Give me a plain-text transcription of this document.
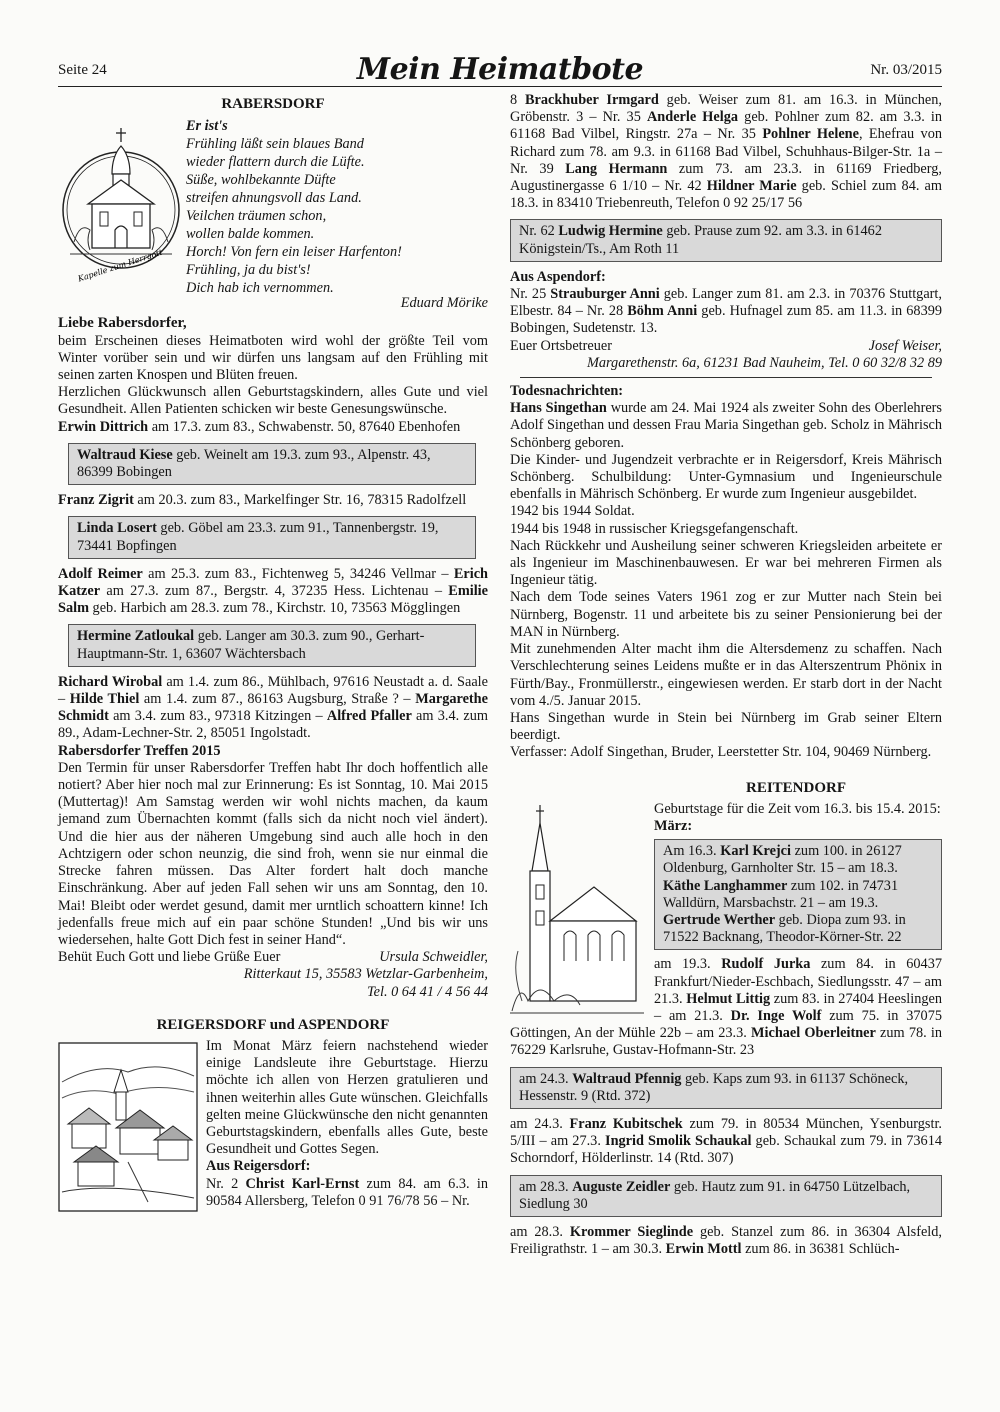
Seite 24	Mein Heimatbote	Nr. 03/2015
RABERSDORF
Kapelle zum Herrgott
Er ist's
Frühling läßt sein blaues Band
wieder flattern durch die Lüfte.
Süße, wohlbekannte Düfte
streifen ahnungsvoll das Land.
Veilchen träumen schon,
wollen balde kommen.
Horch! Von fern ein leiser Harfenton!
Frühling, ja du bist's!
Dich hab ich vernommen.
Eduard Mörike

Liebe Rabersdorfer,

beim Erscheinen dieses Heimatboten wird wohl der größte Teil vom Winter vorüber sein und wir dürfen uns langsam auf den Frühling mit seinen zarten Knospen und Blüten freuen.

Herzlichen Glückwunsch allen Geburtstagskindern, alles Gute und viel Gesundheit. Allen Patienten schicken wir beste Genesungswünsche.

Erwin Dittrich am 17.3. zum 83., Schwabenstr. 50, 87640 Ebenhofen

Waltraud Kiese geb. Weinelt am 19.3. zum 93., Alpenstr. 43, 86399 Bobingen

Franz Zigrit am 20.3. zum 83., Markelfinger Str. 16, 78315 Radolfzell

Linda Losert geb. Göbel am 23.3. zum 91., Tannenbergstr. 19, 73441 Bopfingen

Adolf Reimer am 25.3. zum 83., Fichtenweg 5, 34246 Vellmar – Erich Katzer am 27.3. zum 87., Bergstr. 4, 37235 Hess. Lichtenau – Emilie Salm geb. Harbich am 28.3. zum 78., Kirchstr. 10, 73563 Mögglingen

Hermine Zatloukal geb. Langer am 30.3. zum 90., Gerhart-Hauptmann-Str. 1, 63607 Wächtersbach

Richard Wirobal am 1.4. zum 86., Mühlbach, 97616 Neustadt a. d. Saale – Hilde Thiel am 1.4. zum 87., 86163 Augsburg, Straße ? – Margarethe Schmidt am 3.4. zum 83., 97318 Kitzingen – Alfred Pfaller am 3.4. zum 89., Adam-Lechner-Str. 2, 85051 Ingolstadt.

Rabersdorfer Treffen 2015

Den Termin für unser Rabersdorfer Treffen habt Ihr doch hoffentlich alle notiert? Aber hier noch mal zur Erinnerung: Es ist Sonntag, 10. Mai 2015 (Muttertag)! Am Samstag werden wir wohl nichts machen, da kaum jemand zum Übernachten kommt (falls sich da nicht noch viel ändert). Und die hier aus der näheren Umgebung sind auch alle hoch in den Achtzigern oder schon neunzig, die sind froh, wenn sie nur einmal die Strecke fahren müssen. Das Alter fordert halt doch manche Einschränkung. Aber auf jeden Fall sehen wir uns am Sonntag, den 10. Mai! Bleibt oder werdet gesund, damit mer urntlich schoattern kinne! Ich jedenfalls freue mich auf ein paar schöne Stunden! „Und bis wir uns wiedersehen, halte Gott Dich fest in seiner Hand“.

Behüt Euch Gott und liebe Grüße Euer	Ursula Schweidler,
Ritterkaut 15, 35583 Wetzlar-Garbenheim,
Tel. 0 64 41 / 4 56 44
REIGERSDORF und ASPENDORF

Im Monat März feiern nachstehend wieder einige Landsleute ihre Geburtstage. Hierzu möchte ich allen von Herzen gratulieren und ihnen weiterhin alles Gute wünschen. Gleichfalls gelten meine Glückwünsche den nicht genannten Geburtstagskindern, ebenfalls alles Gute, beste Gesundheit und Gottes Segen.

Aus Reigersdorf:

Nr. 2 Christ Karl-Ernst zum 84. am 6.3. in 90584 Allersberg, Telefon 0 91 76/78 56 – Nr.

8 Brackhuber Irmgard geb. Weiser zum 81. am 16.3. in München, Gröbenstr. 3 – Nr. 35 Anderle Helga geb. Pohlner zum 82. am 3.3. in 61168 Bad Vilbel, Ringstr. 27a – Nr. 35 Pohlner Helene, Ehefrau von Richard zum 78. am 9.3. in 61168 Bad Vilbel, Schuhhaus-Bilger-Str. 1a – Nr. 39 Lang Hermann zum 73. am 23.3. in 61169 Friedberg, Augustinergasse 6 1/10 – Nr. 42 Hildner Marie geb. Schiel zum 84. am 18.3. in 83410 Triebenreuth, Telefon 0 92 25/17 56

Nr. 62 Ludwig Hermine geb. Prause zum 92. am 3.3. in 61462 Königstein/Ts., Am Roth 11

Aus Aspendorf:

Nr. 25 Strauburger Anni geb. Langer zum 81. am 2.3. in 70376 Stuttgart, Elbestr. 84 – Nr. 28 Böhm Anni geb. Hufnagel zum 85. am 11.3. in 68399 Bobingen, Sudetenstr. 13.

Euer Ortsbetreuer	Josef Weiser,
Margarethenstr. 6a, 61231 Bad Nauheim, Tel. 0 60 32/8 32 89

Todesnachrichten:

Hans Singethan wurde am 24. Mai 1924 als zweiter Sohn des Oberlehrers Adolf Singethan und dessen Frau Maria Singethan geb. Scholz in Mährisch Schönberg geboren.

Die Kinder- und Jugendzeit verbrachte er in Reigersdorf, Kreis Mährisch Schönberg. Schulbildung: Unter-Gymnasium und Ingenieurschule ebenfalls in Mährisch Schönberg. Er wurde zum Ingenieur ausgebildet.

1942 bis 1944 Soldat.

1944 bis 1948 in russischer Kriegsgefangenschaft.

Nach Rückkehr und Ausheilung seiner schweren Kriegsleiden arbeitete er als Ingenieur im Maschinenbauwesen. Er war bei mehreren Firmen als Ingenieur tätig.

Nach dem Tode seines Vaters 1961 zog er zur Mutter nach Stein bei Nürnberg, Bogenstr. 11 und arbeitete bis zu seiner Pensionierung bei der MAN in Nürnberg.

Mit zunehmenden Alter macht ihm die Altersdemenz zu schaffen. Nach Verschlechterung seines Leidens mußte er in das Alterszentrum Phönix in Fürth/Bay., Fronmüllerstr., eingewiesen werden. Er starb dort in der Nacht vom 4./5. Januar 2015.

Hans Singethan wurde in Stein bei Nürnberg im Grab seiner Eltern beerdigt.

Verfasser: Adolf Singethan, Bruder, Leerstetter Str. 104, 90469 Nürnberg.

REITENDORF

Geburtstage für die Zeit vom 16.3. bis 15.4. 2015:

März:

Am 16.3. Karl Krejci zum 100. in 26127 Oldenburg, Garnholter Str. 15 – am 18.3. Käthe Langhammer zum 102. in 74731 Walldürn, Marsbachstr. 21 – am 19.3. Gertrude Werther geb. Diopa zum 93. in 71522 Backnang, Theodor-Körner-Str. 22

am 19.3. Rudolf Jurka zum 84. in 60437 Frankfurt/Nieder-Eschbach, Siedlungsstr. 47 – am 21.3. Helmut Littig zum 83. in 27404 Heeslingen – am 21.3. Dr. Inge Wolf zum 75. in 37075 Göttingen, An der Mühle 22b – am 23.3. Michael Oberleitner zum 78. in 76229 Karlsruhe, Gustav-Hofmann-Str. 23

am 24.3. Waltraud Pfennig geb. Kaps zum 93. in 61137 Schöneck, Hessenstr. 9 (Rtd. 372)

am 24.3. Franz Kubitschek zum 79. in 80534 München, Ysenburgstr. 5/III – am 27.3. Ingrid Smolik Schaukal geb. Schaukal zum 79. in 73614 Schorndorf, Hölderlinstr. 14 (Rtd. 307)

am 28.3. Auguste Zeidler geb. Hautz zum 91. in 64750 Lützelbach, Siedlung 30

am 28.3. Krommer Sieglinde geb. Stanzel zum 86. in 36304 Alsfeld, Freiligrathstr. 1 – am 30.3. Erwin Mottl zum 86. in 36381 Schlüch-
